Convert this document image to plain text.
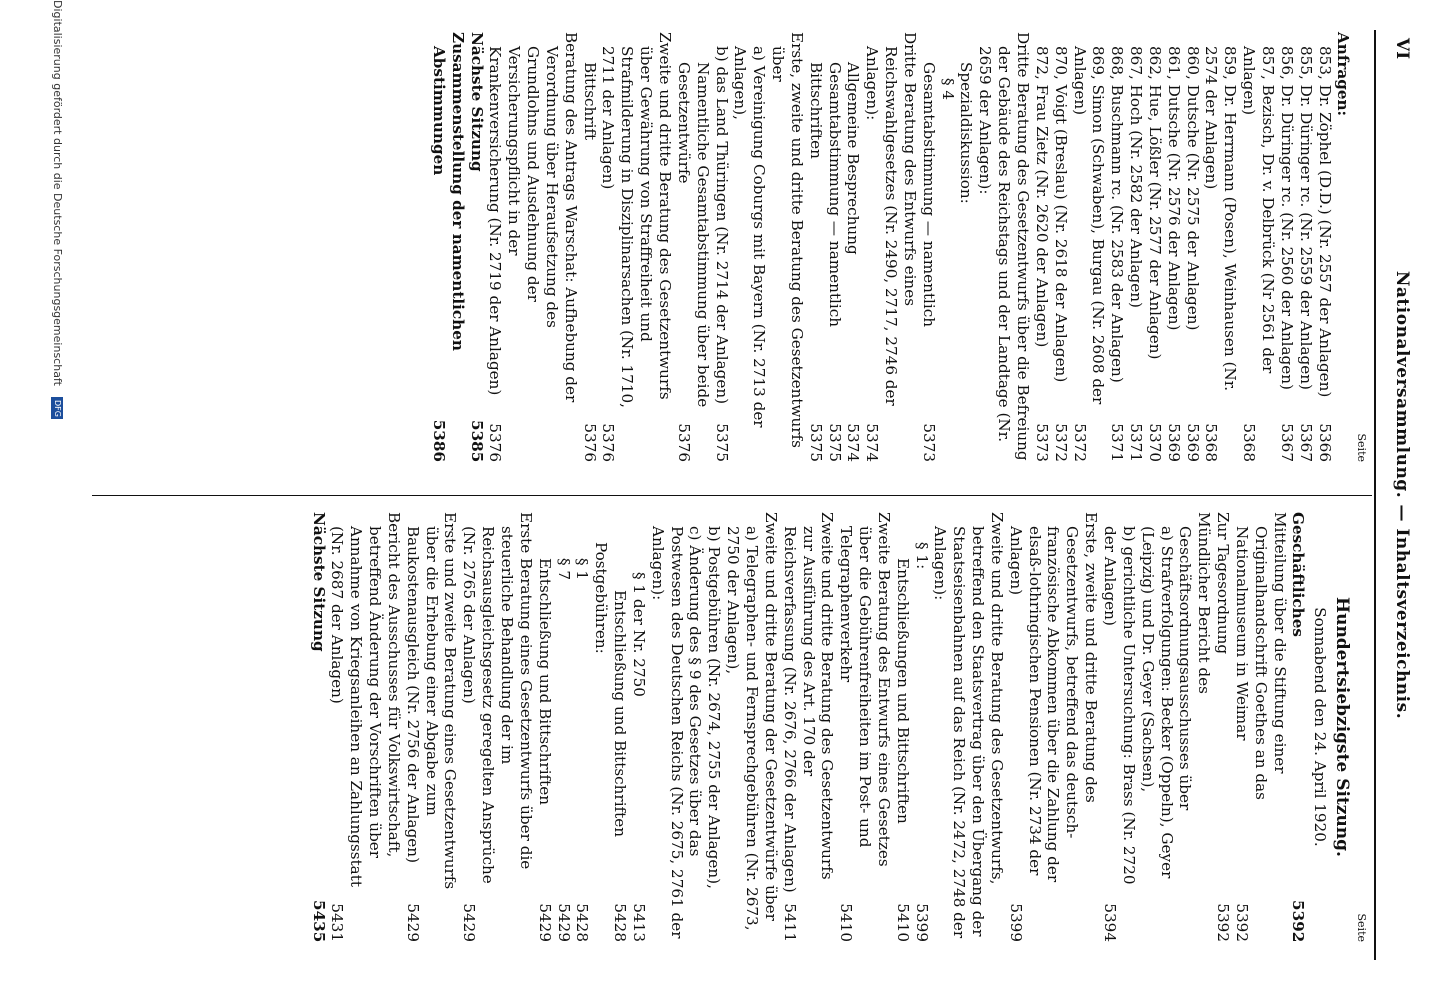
VI
Nationalversammlung. — Inhaltsverzeichnis.
Seite
Anfragen:
853, Dr. Zöphel (D.D.) (Nr. 2557 der Anlagen)
5366
855, Dr. Düringer rc. (Nr. 2559 der Anlagen)
5367
856, Dr. Düringer rc. (Nr. 2560 der Anlagen)
5367
857, Bezisch, Dr. v. Delbrück (Nr 2561 der Anlagen)
5368
859, Dr. Herrmann (Posen), Weinhausen (Nr. 2574 der Anlagen)
5368
860, Dutsche (Nr. 2575 der Anlagen)
5369
861, Dutsche (Nr. 2576 der Anlagen)
5369
862, Hue, Lößler (Nr. 2577 der Anlagen)
5370
867, Hoch (Nr. 2582 der Anlagen)
5371
868, Buschmann rc. (Nr. 2583 der Anlagen)
5371
869, Simon (Schwaben), Burgau (Nr. 2608 der Anlagen)
5372
870, Voigt (Breslau) (Nr. 2618 der Anlagen)
5372
872, Frau Zietz (Nr. 2620 der Anlagen)
5373
Dritte Beratung des Gesetzentwurfs über die Befreiung der Gebäude des Reichstags und der Landtage (Nr. 2659 der Anlagen):
Spezialdiskussion:
§ 4
Gesamtabstimmung — namentlich
5373
Dritte Beratung des Entwurfs eines Reichswahlgesetzes (Nr. 2490, 2717, 2746 der Anlagen):
5374
Allgemeine Besprechung
5374
Gesamtabstimmung — namentlich
5375
Bittschriften
5375
Erste, zweite und dritte Beratung des Gesetzentwurfs über
a) Vereinigung Coburgs mit Bayern (Nr. 2713 der Anlagen),
b) das Land Thüringen (Nr. 2714 der Anlagen)
5375
Namentliche Gesamtabstimmung über beide Gesetzentwürfe
5376
Zweite und dritte Beratung des Gesetzentwurfs über Gewährung von Straffreiheit und Strafmilderung in Disziplinarsachen (Nr. 1710, 2711 der Anlagen)
5376
Bittschrift
5376
Beratung des Antrags Warschat: Aufhebung der Verordnung über Heraufsetzung des Grundlohns und Ausdehnung der Versicherungspflicht in der Krankenversicherung (Nr. 2719 der Anlagen)
5376
Nächste Sitzung
5385
Zusammenstellung der namentlichen Abstimmungen
5386
Seite
Hundertsiebzigste Sitzung.
Sonnabend den 24. April 1920.
Geschäftliches
5392
Mitteilung über die Stiftung einer Originalhandschrift Goethes an das Nationalmuseum in Weimar
5392
Zur Tagesordnung
5392
Mündlicher Bericht des Geschäftsordnungsausschusses über
a) Strafverfolgungen: Becker (Oppeln), Geyer (Leipzig) und Dr. Geyer (Sachsen),
b) gerichtliche Untersuchung: Brass (Nr. 2720 der Anlagen)
5394
Erste, zweite und dritte Beratung des Gesetzentwurfs, betreffend das deutsch-französische Abkommen über die Zahlung der elsaß-lothringischen Pensionen (Nr. 2734 der Anlagen)
5399
Zweite und dritte Beratung des Gesetzentwurfs, betreffend den Staatsvertrag über den Übergang der Staatseisenbahnen auf das Reich (Nr. 2472, 2748 der Anlagen):
§ 1:
5399
Entschließungen und Bittschriften
5410
Zweite Beratung des Entwurfs eines Gesetzes über die Gebührenfreiheiten im Post- und Telegraphenverkehr
5410
Zweite und dritte Beratung des Gesetzentwurfs zur Ausführung des Art. 170 der Reichsverfassung (Nr. 2676, 2766 der Anlagen)
5411
Zweite und dritte Beratung der Gesetzentwürfe über
a) Telegraphen- und Fernsprechgebühren (Nr. 2673, 2750 der Anlagen),
b) Postgebühren (Nr. 2674, 2755 der Anlagen),
c) Änderung des § 9 des Gesetzes über das Postwesen des Deutschen Reichs (Nr. 2675, 2761 der Anlagen):
§ 1 der Nr. 2750
5413
Entschließung und Bittschriften
5428
Postgebühren:
§ 1
5428
§ 7
5429
Entschließung und Bittschriften
5429
Erste Beratung eines Gesetzentwurfs über die steuerliche Behandlung der im Reichsausgleichsgesetz geregelten Ansprüche (Nr. 2765 der Anlagen)
5429
Erste und zweite Beratung eines Gesetzentwurfs über die Erhebung einer Abgabe zum Baukostenausgleich (Nr. 2756 der Anlagen)
5429
Bericht des Ausschusses für Volkswirtschaft, betreffend Änderung der Vorschriften über Annahme von Kriegsanleihen an Zahlungsstatt (Nr. 2687 der Anlagen)
5431
Nächste Sitzung
5435
Digitalisierung gefördert durch die Deutsche Forschungsgemeinschaft DFG
